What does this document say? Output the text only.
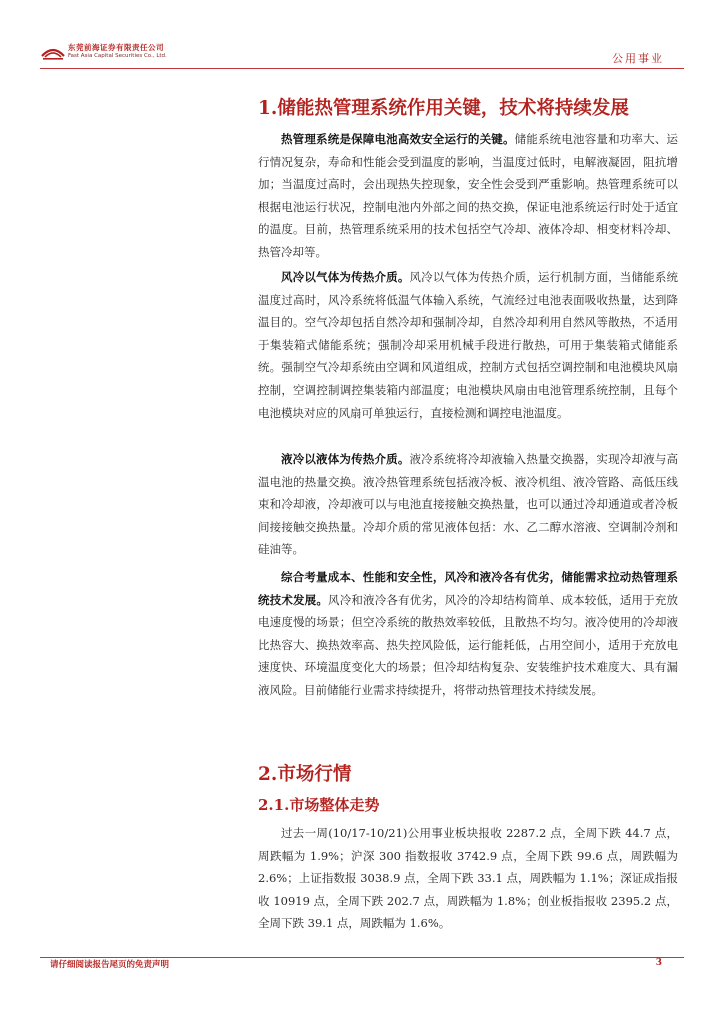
东莞前海证券有限责任公司
Fast Asia Capital Securities Co., Ltd.	公用事业
1.储能热管理系统作用关键，技术将持续发展

热管理系统是保障电池高效安全运行的关键。储能系统电池容量和功率大、运行情况复杂，寿命和性能会受到温度的影响，当温度过低时，电解液凝固，阻抗增加；当温度过高时，会出现热失控现象，安全性会受到严重影响。热管理系统可以根据电池运行状况，控制电池内外部之间的热交换，保证电池系统运行时处于适宜的温度。目前，热管理系统采用的技术包括空气冷却、液体冷却、相变材料冷却、热管冷却等。

风冷以气体为传热介质。风冷以气体为传热介质，运行机制方面，当储能系统温度过高时，风冷系统将低温气体输入系统，气流经过电池表面吸收热量，达到降温目的。空气冷却包括自然冷却和强制冷却，自然冷却利用自然风等散热，不适用于集装箱式储能系统；强制冷却采用机械手段进行散热，可用于集装箱式储能系统。强制空气冷却系统由空调和风道组成，控制方式包括空调控制和电池模块风扇控制，空调控制调控集装箱内部温度；电池模块风扇由电池管理系统控制，且每个电池模块对应的风扇可单独运行，直接检测和调控电池温度。

液冷以液体为传热介质。液冷系统将冷却液输入热量交换器，实现冷却液与高温电池的热量交换。液冷热管理系统包括液冷板、液冷机组、液冷管路、高低压线束和冷却液，冷却液可以与电池直接接触交换热量，也可以通过冷却通道或者冷板间接接触交换热量。冷却介质的常见液体包括：水、乙二醇水溶液、空调制冷剂和硅油等。

综合考量成本、性能和安全性，风冷和液冷各有优劣，储能需求拉动热管理系统技术发展。风冷和液冷各有优劣，风冷的冷却结构简单、成本较低，适用于充放电速度慢的场景；但空冷系统的散热效率较低，且散热不均匀。液冷使用的冷却液比热容大、换热效率高、热失控风险低，运行能耗低，占用空间小，适用于充放电速度快、环境温度变化大的场景；但冷却结构复杂、安装维护技术难度大、具有漏液风险。目前储能行业需求持续提升，将带动热管理技术持续发展。

2.市场行情
2.1.市场整体走势

过去一周(10/17-10/21)公用事业板块报收 2287.2 点，全周下跌 44.7 点，周跌幅为 1.9%；沪深 300 指数报收 3742.9 点，全周下跌 99.6 点，周跌幅为 2.6%；上证指数报 3038.9 点，全周下跌 33.1 点，周跌幅为 1.1%；深证成指报收 10919 点，全周下跌 202.7 点，周跌幅为 1.8%；创业板指报收 2395.2 点，全周下跌 39.1 点，周跌幅为 1.6%。

请仔细阅读报告尾页的免责声明	3
